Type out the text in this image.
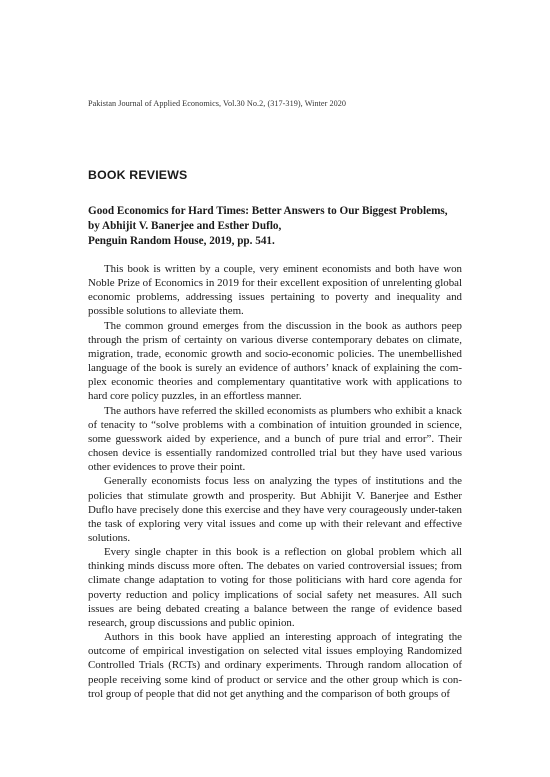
Pakistan Journal of Applied Economics, Vol.30 No.2, (317-319), Winter 2020
BOOK REVIEWS
Good Economics for Hard Times: Better Answers to Our Biggest Problems,
by Abhijit V. Banerjee and Esther Duflo,
Penguin Random House, 2019, pp. 541.

This book is written by a couple, very eminent economists and both have won Noble Prize of Economics in 2019 for their excellent exposition of unrelenting global economic problems, addressing issues pertaining to poverty and inequality and possible solutions to alleviate them.

The common ground emerges from the discussion in the book as authors peep through the prism of certainty on various diverse contemporary debates on climate, migration, trade, economic growth and socio-economic policies. The unembellished language of the book is surely an evidence of authors’ knack of explaining the com-plex economic theories and complementary quantitative work with applications to hard core policy puzzles, in an effortless manner.

The authors have referred the skilled economists as plumbers who exhibit a knack of tenacity to “solve problems with a combination of intuition grounded in science, some guesswork aided by experience, and a bunch of pure trial and error”. Their chosen device is essentially randomized controlled trial but they have used various other evidences to prove their point.

Generally economists focus less on analyzing the types of institutions and the policies that stimulate growth and prosperity. But Abhijit V. Banerjee and Esther Duflo have precisely done this exercise and they have very courageously under-taken the task of exploring very vital issues and come up with their relevant and effective solutions.

Every single chapter in this book is a reflection on global problem which all thinking minds discuss more often. The debates on varied controversial issues; from climate change adaptation to voting for those politicians with hard core agenda for poverty reduction and policy implications of social safety net measures. All such issues are being debated creating a balance between the range of evidence based research, group discussions and public opinion.

Authors in this book have applied an interesting approach of integrating the outcome of empirical investigation on selected vital issues employing Randomized Controlled Trials (RCTs) and ordinary experiments. Through random allocation of people receiving some kind of product or service and the other group which is con-trol group of people that did not get anything and the comparison of both groups of
